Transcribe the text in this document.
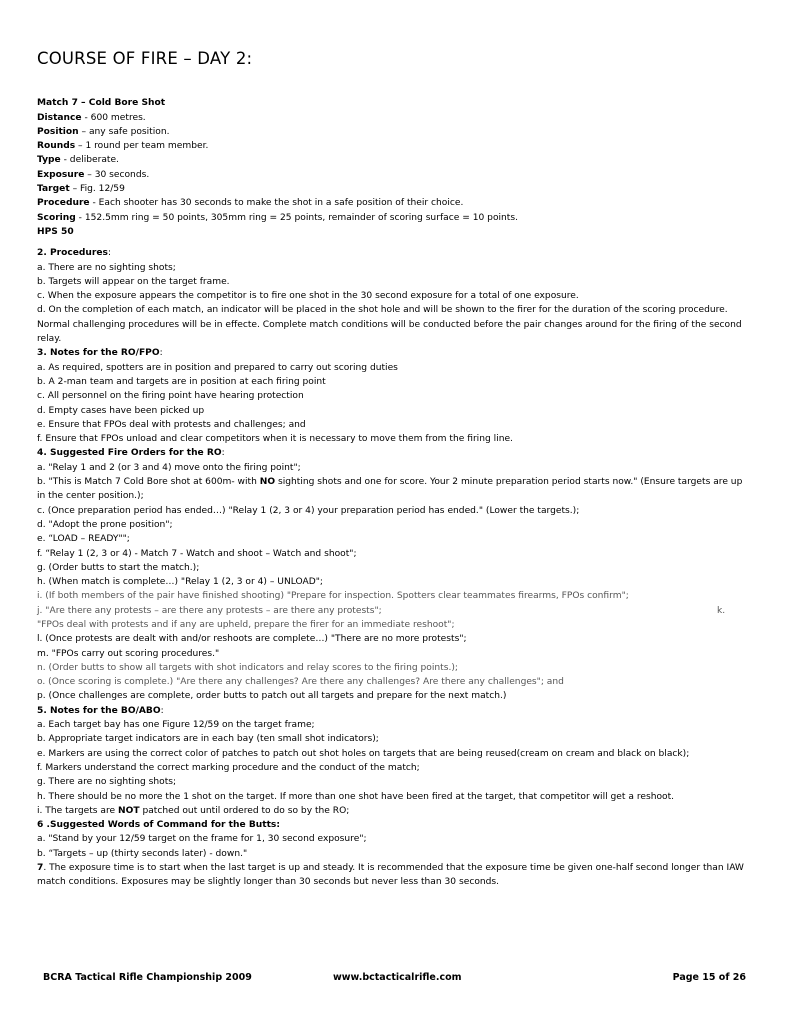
COURSE OF FIRE – DAY 2:
Match 7 – Cold Bore Shot
Distance - 600 metres.
Position – any safe position.
Rounds – 1 round per team member.
Type - deliberate.
Exposure – 30 seconds.
Target – Fig. 12/59
Procedure - Each shooter has 30 seconds to make the shot in a safe position of their choice.
Scoring - 152.5mm ring = 50 points, 305mm ring = 25 points, remainder of scoring surface = 10 points.
HPS 50
2. Procedures:
a. There are no sighting shots;
b. Targets will appear on the target frame.
c. When the exposure appears the competitor is to fire one shot in the 30 second exposure for a total of one exposure.
d. On the completion of each match, an indicator will be placed in the shot hole and will be shown to the firer for the duration of the scoring procedure. Normal challenging procedures will be in effecte. Complete match conditions will be conducted before the pair changes around for the firing of the second relay.
3. Notes for the RO/FPO:
a. As required, spotters are in position and prepared to carry out scoring duties
b. A 2-man team and targets are in position at each firing point
c. All personnel on the firing point have hearing protection
d. Empty cases have been picked up
e. Ensure that FPOs deal with protests and challenges; and
f. Ensure that FPOs unload and clear competitors when it is necessary to move them from the firing line.
4. Suggested Fire Orders for the RO:
a. "Relay 1 and 2 (or 3 and 4) move onto the firing point";
b. "This is Match 7 Cold Bore shot at 600m- with NO sighting shots and one for score. Your 2 minute preparation period starts now." (Ensure targets are up in the center position.);
c. (Once preparation period has ended…) "Relay 1 (2, 3 or 4) your preparation period has ended." (Lower the targets.);
d. "Adopt the prone position";
e. “LOAD – READY"";
f. “Relay 1 (2, 3 or 4) - Match 7 - Watch and shoot – Watch and shoot";
g. (Order butts to start the match.);
h. (When match is complete…) "Relay 1 (2, 3 or 4) – UNLOAD";
i. (If both members of the pair have finished shooting) "Prepare for inspection. Spotters clear teammates firearms, FPOs confirm";
j. "Are there any protests – are there any protests – are there any protests";	k.
"FPOs deal with protests and if any are upheld, prepare the firer for an immediate reshoot";
l. (Once protests are dealt with and/or reshoots are complete…) "There are no more protests";
m. "FPOs carry out scoring procedures."
n. (Order butts to show all targets with shot indicators and relay scores to the firing points.);
o. (Once scoring is complete.) "Are there any challenges? Are there any challenges? Are there any challenges"; and
p. (Once challenges are complete, order butts to patch out all targets and prepare for the next match.)
5. Notes for the BO/ABO:
a. Each target bay has one Figure 12/59 on the target frame;
b. Appropriate target indicators are in each bay (ten small shot indicators);
e. Markers are using the correct color of patches to patch out shot holes on targets that are being reused(cream on cream and black on black);
f. Markers understand the correct marking procedure and the conduct of the match;
g. There are no sighting shots;
h. There should be no more the 1 shot on the target. If more than one shot have been fired at the target, that competitor will get a reshoot.
i. The targets are NOT patched out until ordered to do so by the RO;
6 .Suggested Words of Command for the Butts:
a. "Stand by your 12/59 target on the frame for 1, 30 second exposure";
b. “Targets – up (thirty seconds later) - down."
7. The exposure time is to start when the last target is up and steady. It is recommended that the exposure time be given one-half second longer than IAW match conditions. Exposures may be slightly longer than 30 seconds but never less than 30 seconds.
BCRA Tactical Rifle Championship 2009	www.bctacticalrifle.com	Page 15 of 26
